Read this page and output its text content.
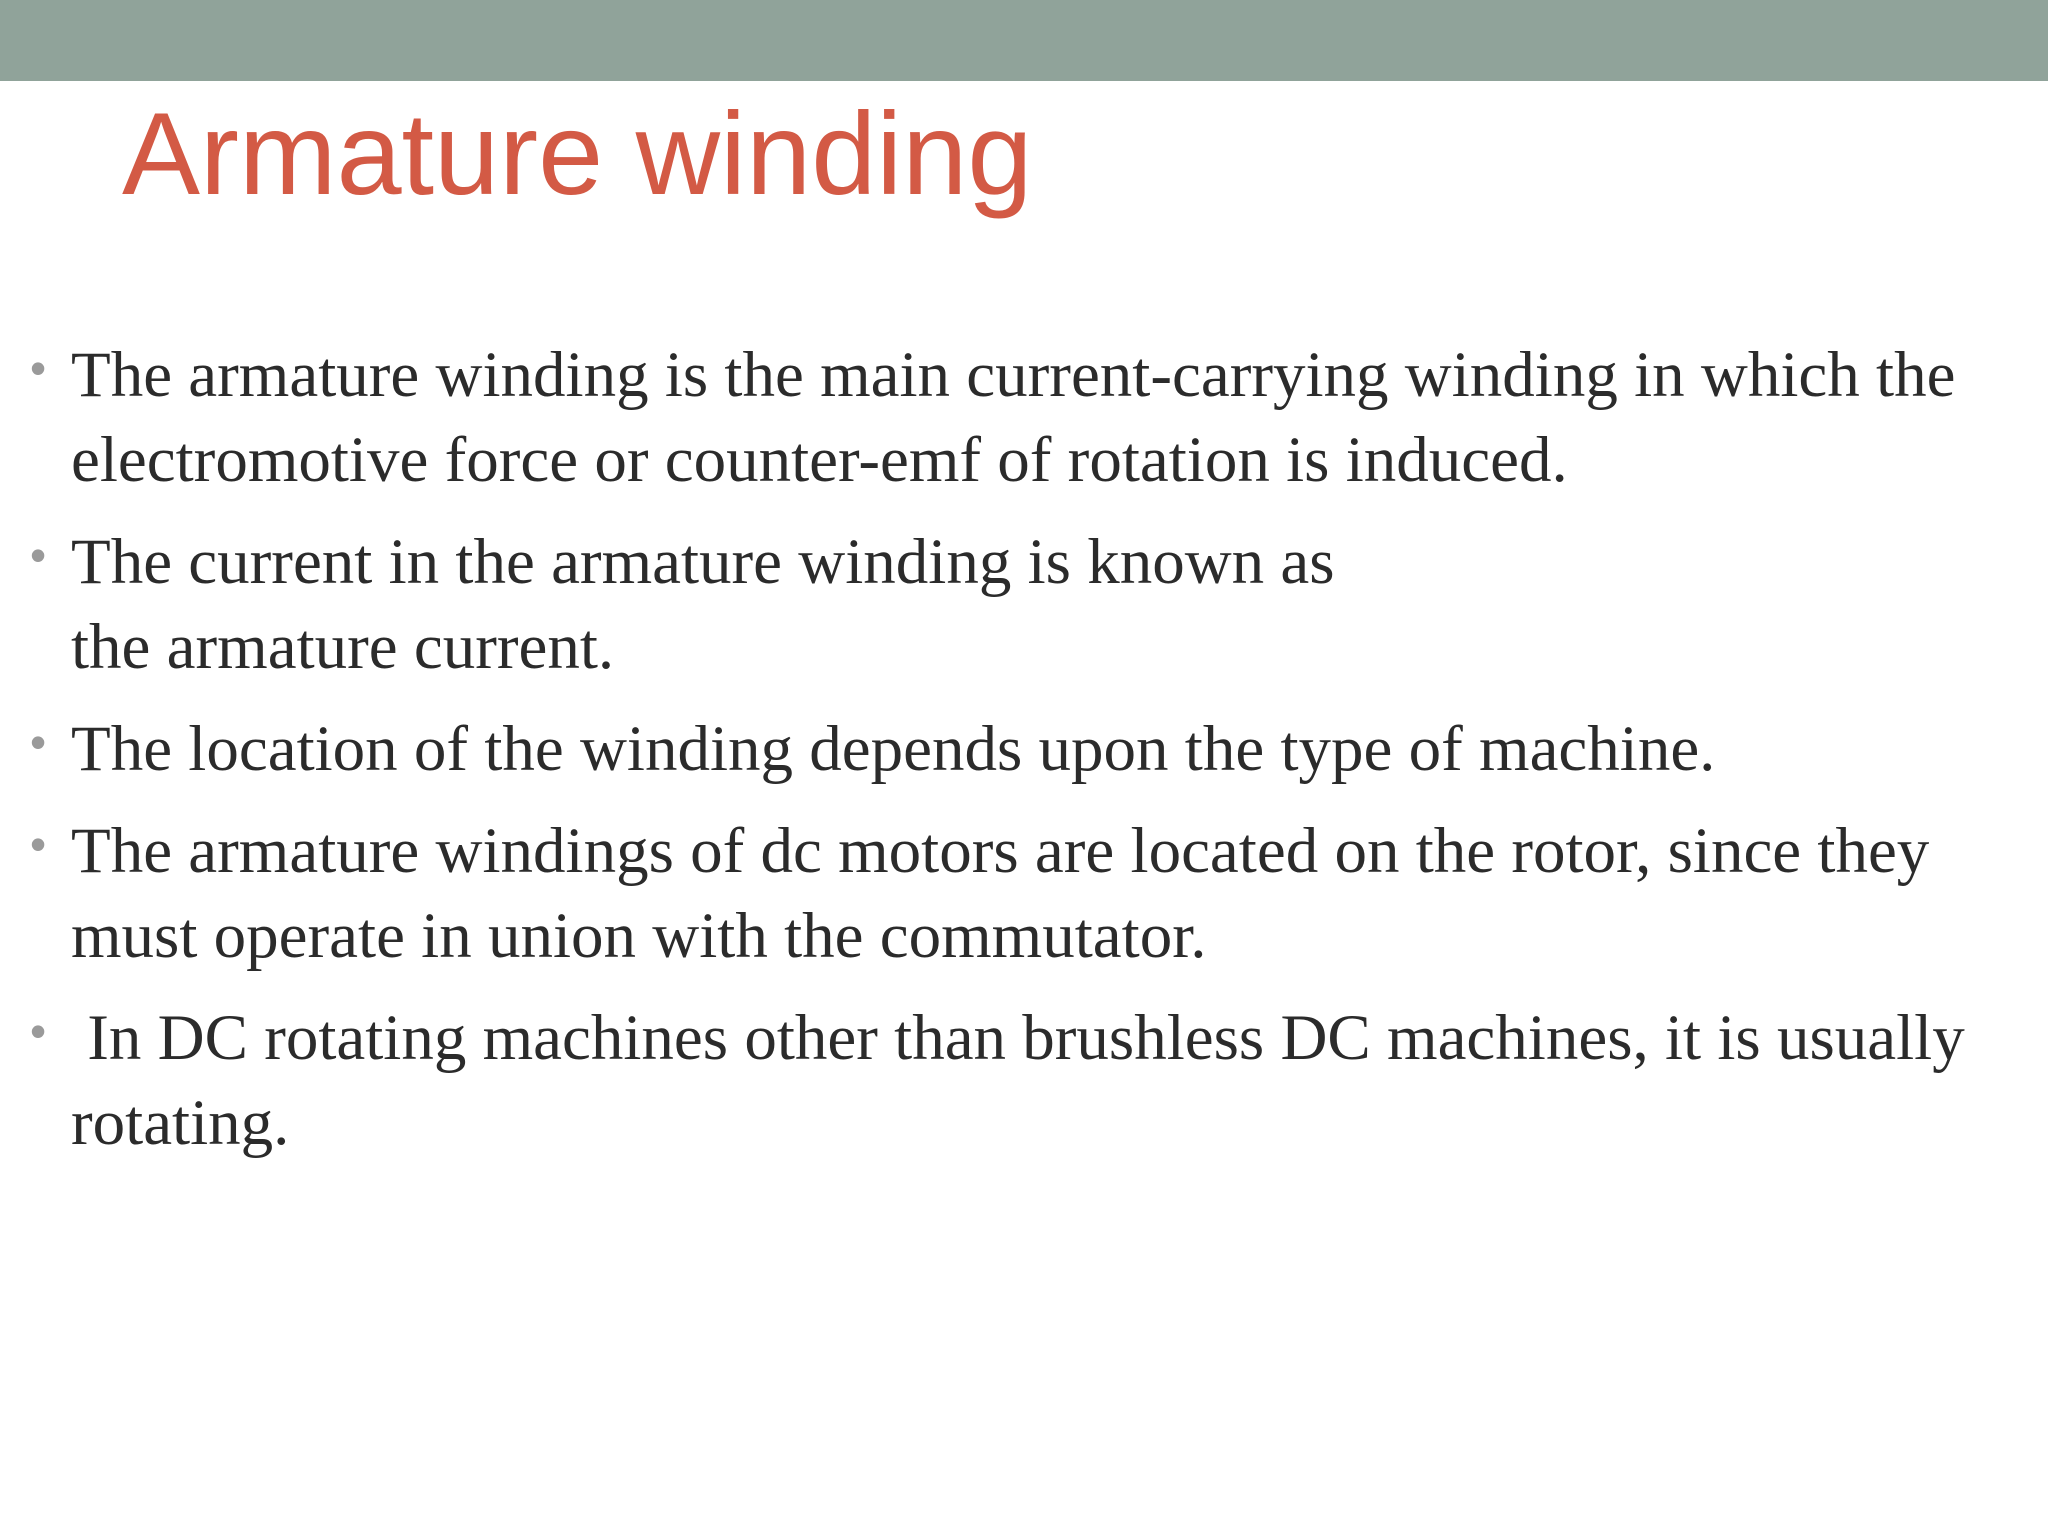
Armature winding
• The armature winding is the main current-carrying winding in which the electromotive force or counter-emf of rotation is induced.
• The current in the armature winding is known as
the armature current.
• The location of the winding depends upon the type of machine.
• The armature windings of dc motors are located on the rotor, since they must operate in union with the commutator.
• In DC rotating machines other than brushless DC machines, it is usually rotating.
